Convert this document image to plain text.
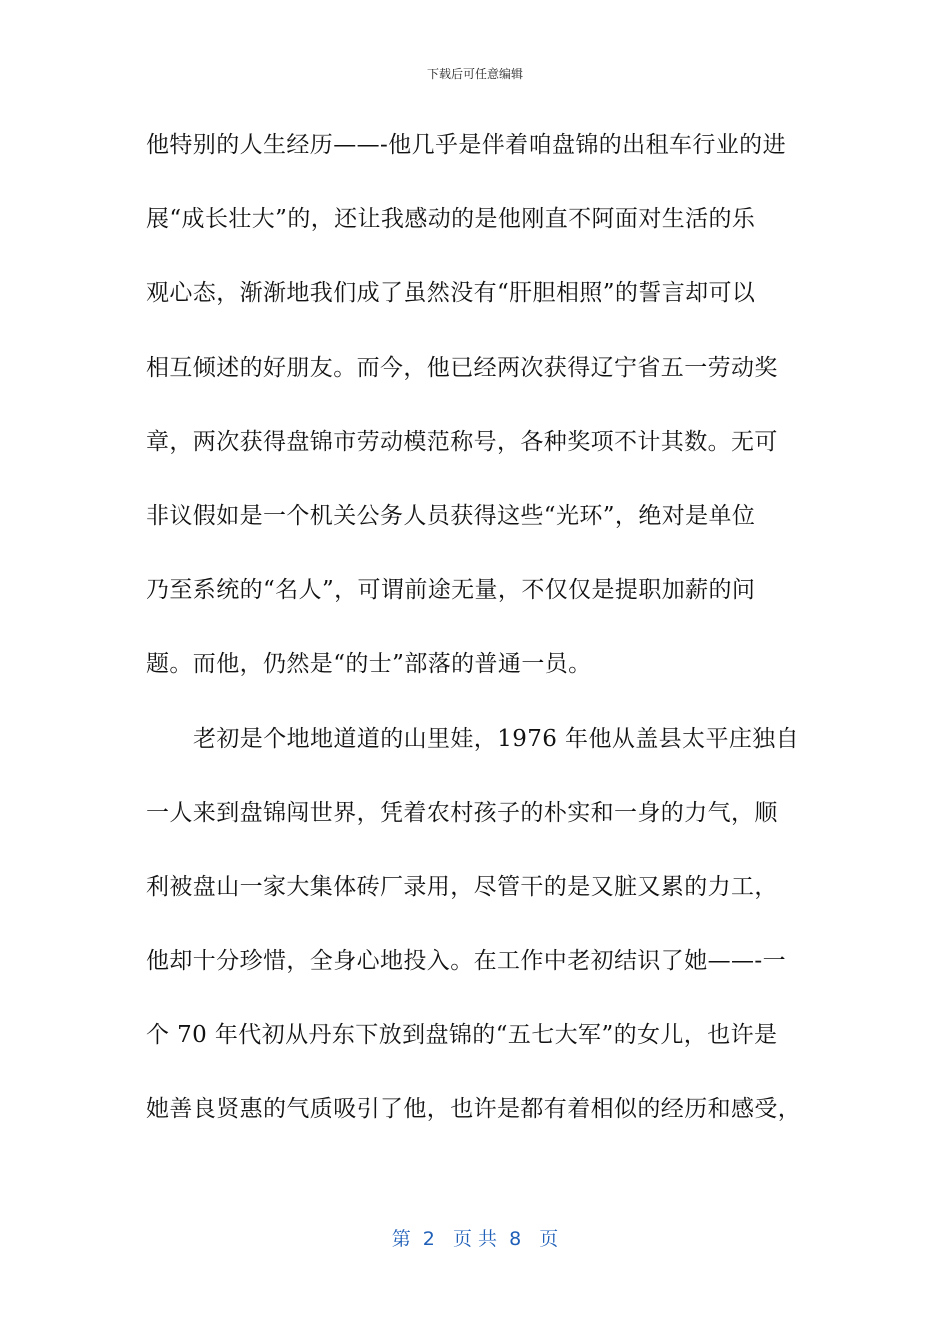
下载后可任意编辑
他特别的人生经历——-他几乎是伴着咱盘锦的出租车行业的进
展“成长壮大”的，还让我感动的是他刚直不阿面对生活的乐
观心态，渐渐地我们成了虽然没有“肝胆相照”的誓言却可以
相互倾述的好朋友。而今，他已经两次获得辽宁省五一劳动奖
章，两次获得盘锦市劳动模范称号，各种奖项不计其数。无可
非议假如是一个机关公务人员获得这些“光环”，绝对是单位
乃至系统的“名人”，可谓前途无量，不仅仅是提职加薪的问
题。而他，仍然是“的士”部落的普通一员。
老初是个地地道道的山里娃，1976 年他从盖县太平庄独自
一人来到盘锦闯世界，凭着农村孩子的朴实和一身的力气，顺
利被盘山一家大集体砖厂录用，尽管干的是又脏又累的力工，
他却十分珍惜，全身心地投入。在工作中老初结识了她——-一
个 70 年代初从丹东下放到盘锦的“五七大军”的女儿，也许是
她善良贤惠的气质吸引了他，也许是都有着相似的经历和感受，
第  2   页 共  8   页
